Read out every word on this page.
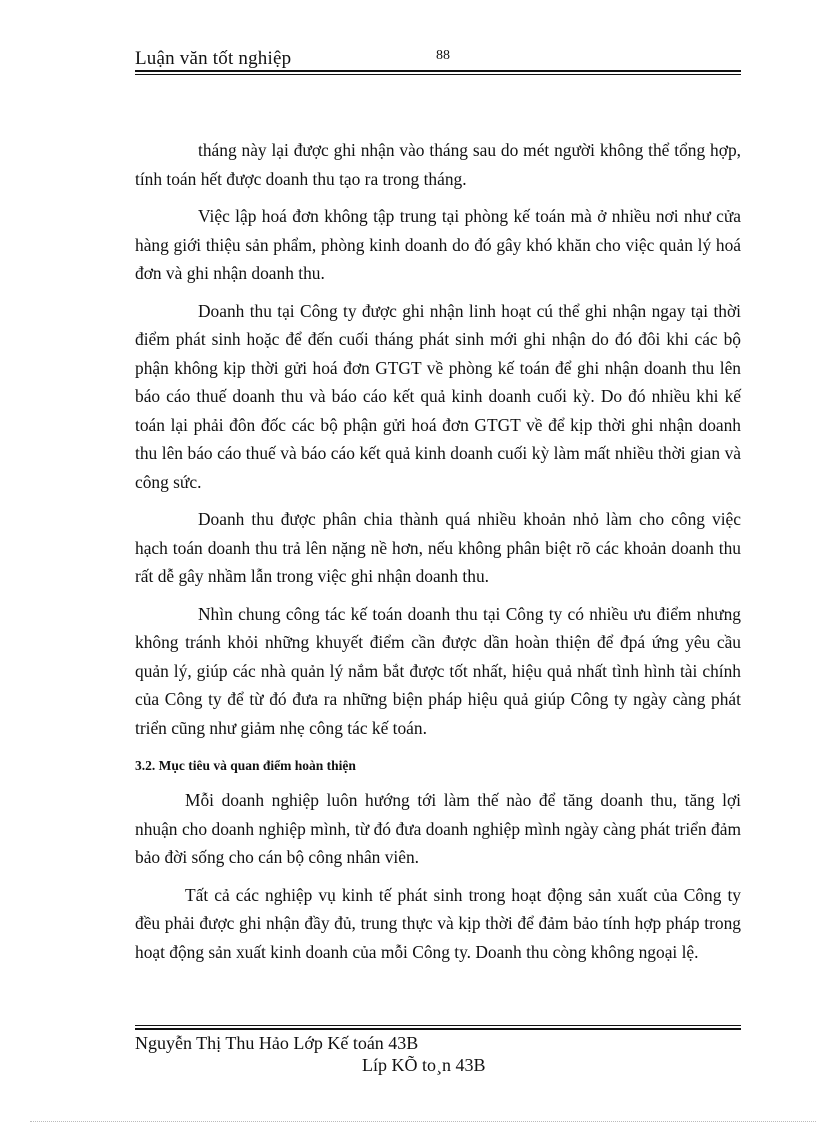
Luận văn tốt nghiệp	88

tháng này lại được ghi nhận vào tháng sau do mét người không thể tổng hợp, tính toán hết được doanh thu tạo ra trong tháng.

Việc lập hoá đơn không tập trung tại phòng kế toán mà ở nhiều nơi như cửa hàng giới thiệu sản phẩm, phòng kinh doanh do đó gây khó khăn cho việc quản lý hoá đơn và ghi nhận doanh thu.

Doanh thu tại Công ty được ghi nhận linh hoạt cú thể ghi nhận ngay tại thời điểm phát sinh hoặc để đến cuối tháng phát sinh mới ghi nhận do đó đôi khi các bộ phận không kịp thời gửi hoá đơn GTGT về phòng kế toán để ghi nhận doanh thu lên báo cáo thuế doanh thu và báo cáo kết quả kinh doanh cuối kỳ. Do đó nhiều khi kế toán lại phải đôn đốc các bộ phận gửi hoá đơn GTGT về để kịp thời ghi nhận doanh thu lên báo cáo thuế và báo cáo kết quả kinh doanh cuối kỳ làm mất nhiều thời gian và công sức.

Doanh thu được phân chia thành quá nhiều khoản nhỏ làm cho công việc hạch toán doanh thu trả lên nặng nề hơn, nếu không phân biệt rõ các khoản doanh thu rất dễ gây nhầm lẫn trong việc ghi nhận doanh thu.

Nhìn chung công tác kế toán doanh thu tại Công ty có nhiều ưu điểm nhưng không tránh khỏi những khuyết điểm cần được dần hoàn thiện để đpá ứng yêu cầu quản lý, giúp các nhà quản lý nắm bắt được tốt nhất, hiệu quả nhất tình hình tài chính của Công ty để từ đó đưa ra những biện pháp hiệu quả giúp Công ty ngày càng phát triển cũng như giảm nhẹ công tác kế toán.

3.2. Mục tiêu và quan điểm hoàn thiện

Mỗi doanh nghiệp luôn hướng tới làm thế nào để tăng doanh thu, tăng lợi nhuận cho doanh nghiệp mình, từ đó đưa doanh nghiệp mình ngày càng phát triển đảm bảo đời sống cho cán bộ công nhân viên.

Tất cả các nghiệp vụ kinh tế phát sinh trong hoạt động sản xuất của Công ty đều phải được ghi nhận đầy đủ, trung thực và kịp thời để đảm bảo tính hợp pháp trong hoạt động sản xuất kinh doanh của mỗi Công ty. Doanh thu còng không ngoại lệ.

Nguyễn Thị Thu Hảo Lớp Kế toán 43B
Líp KÕ to¸n 43B
